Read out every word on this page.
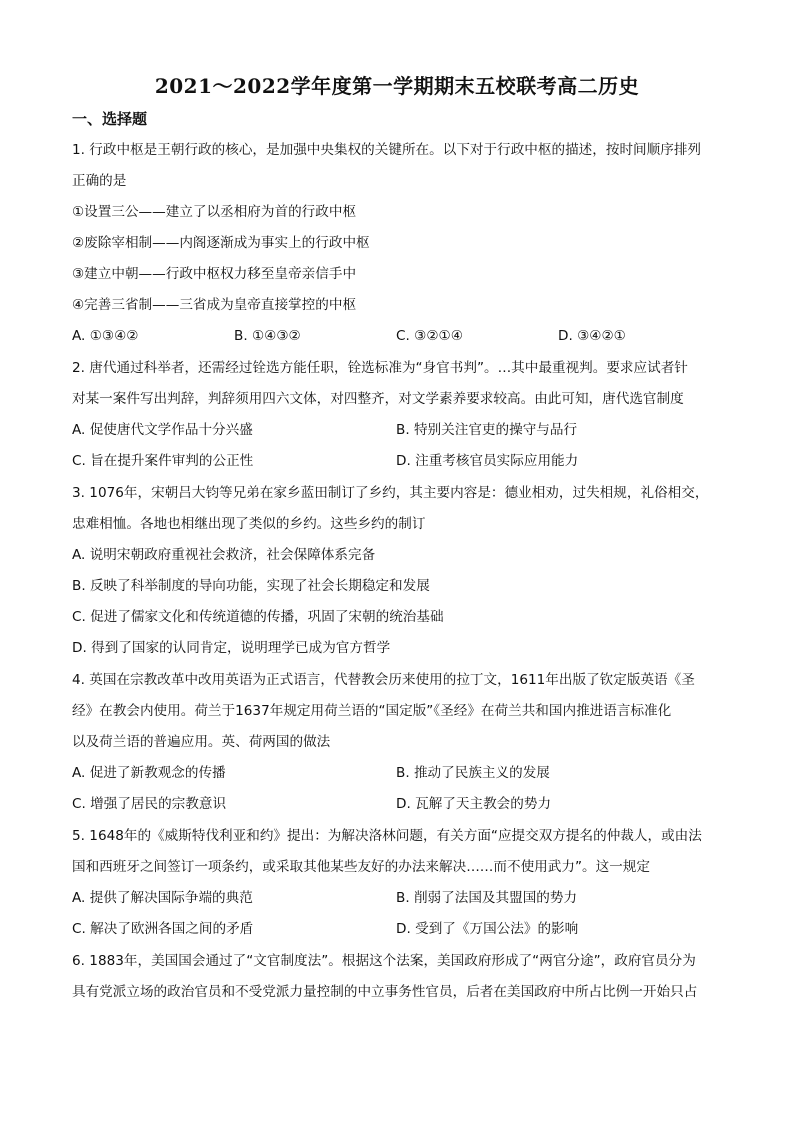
2021～2022学年度第一学期期末五校联考高二历史
一、选择题
1. 行政中枢是王朝行政的核心，是加强中央集权的关键所在。以下对于行政中枢的描述，按时间顺序排列
正确的是
①设置三公——建立了以丞相府为首的行政中枢
②废除宰相制——内阁逐渐成为事实上的行政中枢
③建立中朝——行政中枢权力移至皇帝亲信手中
④完善三省制——三省成为皇帝直接掌控的中枢
A. ①③④②	B. ①④③②	C. ③②①④	D. ③④②①
2. 唐代通过科举者，还需经过铨选方能任职，铨选标准为“身官书判”。…其中最重视判。要求应试者针
对某一案件写出判辞，判辞须用四六文体，对四整齐，对文学素养要求较高。由此可知，唐代选官制度
A. 促使唐代文学作品十分兴盛	B. 特别关注官吏的操守与品行
C. 旨在提升案件审判的公正性	D. 注重考核官员实际应用能力
3. 1076年，宋朝吕大钧等兄弟在家乡蓝田制订了乡约，其主要内容是：德业相劝，过失相规，礼俗相交，
忠难相恤。各地也相继出现了类似的乡约。这些乡约的制订
A. 说明宋朝政府重视社会救济，社会保障体系完备
B. 反映了科举制度的导向功能，实现了社会长期稳定和发展
C. 促进了儒家文化和传统道德的传播，巩固了宋朝的统治基础
D. 得到了国家的认同肯定，说明理学已成为官方哲学
4. 英国在宗教改革中改用英语为正式语言，代替教会历来使用的拉丁文，1611年出版了钦定版英语《圣
经》在教会内使用。荷兰于1637年规定用荷兰语的“国定版”《圣经》在荷兰共和国内推进语言标准化
以及荷兰语的普遍应用。英、荷两国的做法
A. 促进了新教观念的传播	B. 推动了民族主义的发展
C. 增强了居民的宗教意识	D. 瓦解了天主教会的势力
5. 1648年的《威斯特伐利亚和约》提出：为解决洛林问题，有关方面“应提交双方提名的仲裁人，或由法
国和西班牙之间签订一项条约，或采取其他某些友好的办法来解决……而不使用武力”。这一规定
A. 提供了解决国际争端的典范	B. 削弱了法国及其盟国的势力
C. 解决了欧洲各国之间的矛盾	D. 受到了《万国公法》的影响
6. 1883年，美国国会通过了“文官制度法”。根据这个法案，美国政府形成了“两官分途”，政府官员分为
具有党派立场的政治官员和不受党派力量控制的中立事务性官员，后者在美国政府中所占比例一开始只占
